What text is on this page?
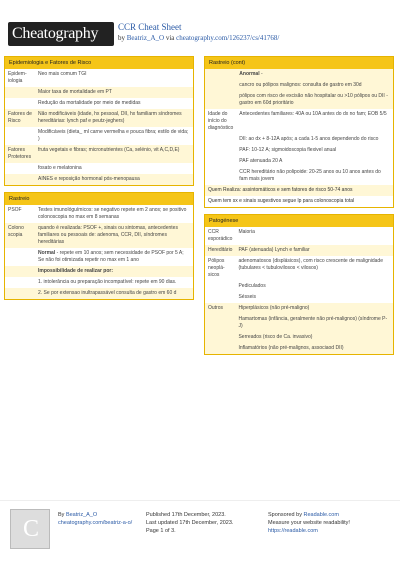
Cheatography CCR Cheat Sheet
by Beatriz_A_O via cheatography.com/126237/cs/41768/
Epidemiologia e Fatores de Risco
Epidem-iologia	Neo mais comum TGI
	Maior taxa de mortalidade em PT
	Redução da mortalidade por meio de medidas
Fatores de Risco	Não modificáveis (idade, hx pessoal, DII, hx familiarm síndromes hereditárias: lynch paf e peutz-jeghers)
	Modificáveis (dieta_ ml carne vermelha e pouca fibra; estilo de vida; )
Fatores Protetores	fruta vegetais e fibras; micronutrientes (Ca, selénio, vit A,C,D,E)
	fosato e melatonina
	AINES e reposição hormonal pós-menopausa
Rastreio
PSOF	Testes imunológuímicos: se negativo repete em 2 anos; se positivo colonoscopia no max em 8 semanas
Colono scopia	quando é realizada: PSOF +, sinais ou sintomas, antecedentes familiares ou pessoais de: adenoma, CCR, DII, síndromes hereditárias
	Normal - repete em 10 anos; sem necessidade de PSOF por 5 A; Se não foi otimizada repetir no max em 1 ano
	Impossibilidade de realizar por:
	1. intolerância ou preparação incompatível: repete em 90 dias.
	2. Se por extensao inultrapassável consulta de gastro em 60 d
Rastreio (cont)
	Anormal -
	cancro ou pólipos malignos: consulta de gastro em 30d
	pólipos com risco de excisão não hospitalar ou >10 pólipos ou DII - gastro em 60d prioritário
Idade do início do diagnóstico	Antecedentes familiares: 40A ou 10A antes do dx no fam; EOB 5/5
	DII: ao dx + 8-12A após; a cada 1-5 anos dependendo do risco
	PAF: 10-12 A; sigmoidoscopia flexivel anual
	PAF atenuada 20 A
	CCR hereditário não polipoide: 20-25 anos ou 10 anos antes do fam mais jovem
Quem Realiza: assintomáticos e sem fatores de risco 50-74 anos	
Quem tem sx e sinais sugestivos segue lp para colonoscopia total	
Patogénese
CCR esporádico	Maioria
Hereditário	PAF (atenuada) Lynch e familiar
Pólipos neoplá-sicos	adenomatosos (displásicos), com risco crescente de malignidade (tubulares < tubulovilosos < vilosos)
	Pediculados
	Sésseis
Outros	Hiperplásicos (não pré-maligno)
	Hamartomas (infância, geralmente não pré-malignos) (síndrome P-J)
	Serreados (risco de Ca. invasivo)
	Inflamatórios (não pré-malignos, associaod DII)
C
By Beatriz_A_O
cheatography.com/beatriz-a-o/
Published 17th December, 2023.
Last updated 17th December, 2023.
Page 1 of 3.
Sponsored by Readable.com
Measure your website readability!
https://readable.com
